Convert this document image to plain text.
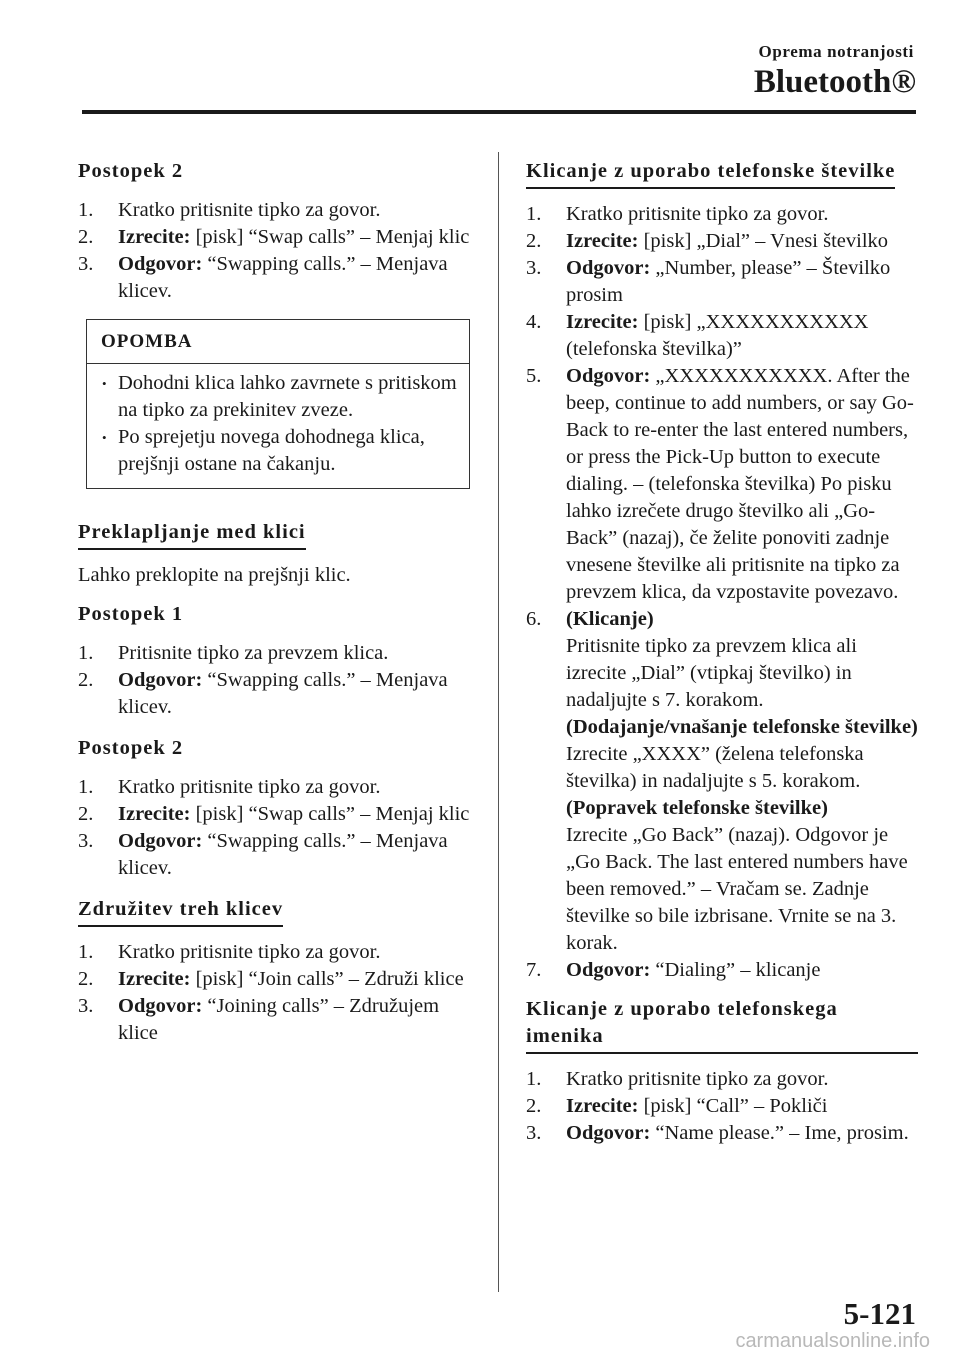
Oprema notranjosti
Bluetooth®
Postopek 2
1. Kratko pritisnite tipko za govor.
2. Izrecite: [pisk] “Swap calls” – Menjaj klic
3. Odgovor: “Swapping calls.” – Menjava klicev.
OPOMBA
• Dohodni klica lahko zavrnete s pritiskom na tipko za prekinitev zveze.
• Po sprejetju novega dohodnega klica, prejšnji ostane na čakanju.
Preklapljanje med klici
Lahko preklopite na prejšnji klic.
Postopek 1
1. Pritisnite tipko za prevzem klica.
2. Odgovor: “Swapping calls.” – Menjava klicev.
Postopek 2
1. Kratko pritisnite tipko za govor.
2. Izrecite: [pisk] “Swap calls” – Menjaj klic
3. Odgovor: “Swapping calls.” – Menjava klicev.
Združitev treh klicev
1. Kratko pritisnite tipko za govor.
2. Izrecite: [pisk] “Join calls” – Združi klice
3. Odgovor: “Joining calls” – Združujem klice
Klicanje z uporabo telefonske številke
1. Kratko pritisnite tipko za govor.
2. Izrecite: [pisk] „Dial” – Vnesi številko
3. Odgovor: „Number, please” – Številko prosim
4. Izrecite: [pisk] „XXXXXXXXXXX (telefonska številka)”
5. Odgovor: „XXXXXXXXXXX. After the beep, continue to add numbers, or say Go-Back to re-enter the last entered numbers, or press the Pick-Up button to execute dialing. – (telefonska številka) Po pisku lahko izrečete drugo številko ali „Go-Back” (nazaj), če želite ponoviti zadnje vnesene številke ali pritisnite na tipko za prevzem klica, da vzpostavite povezavo.
6. (Klicanje)
Pritisnite tipko za prevzem klica ali izrecite „Dial” (vtipkaj številko) in nadaljujte s 7. korakom.
(Dodajanje/vnašanje telefonske številke)
Izrecite „XXXX” (želena telefonska številka) in nadaljujte s 5. korakom.
(Popravek telefonske številke)
Izrecite „Go Back” (nazaj). Odgovor je „Go Back. The last entered numbers have been removed.” – Vračam se. Zadnje številke so bile izbrisane. Vrnite se na 3. korak.
7. Odgovor: “Dialing” – klicanje
Klicanje z uporabo telefonskega imenika
1. Kratko pritisnite tipko za govor.
2. Izrecite: [pisk] “Call” – Pokliči
3. Odgovor: “Name please.” – Ime, prosim.
5-121
carmanualsonline.info
